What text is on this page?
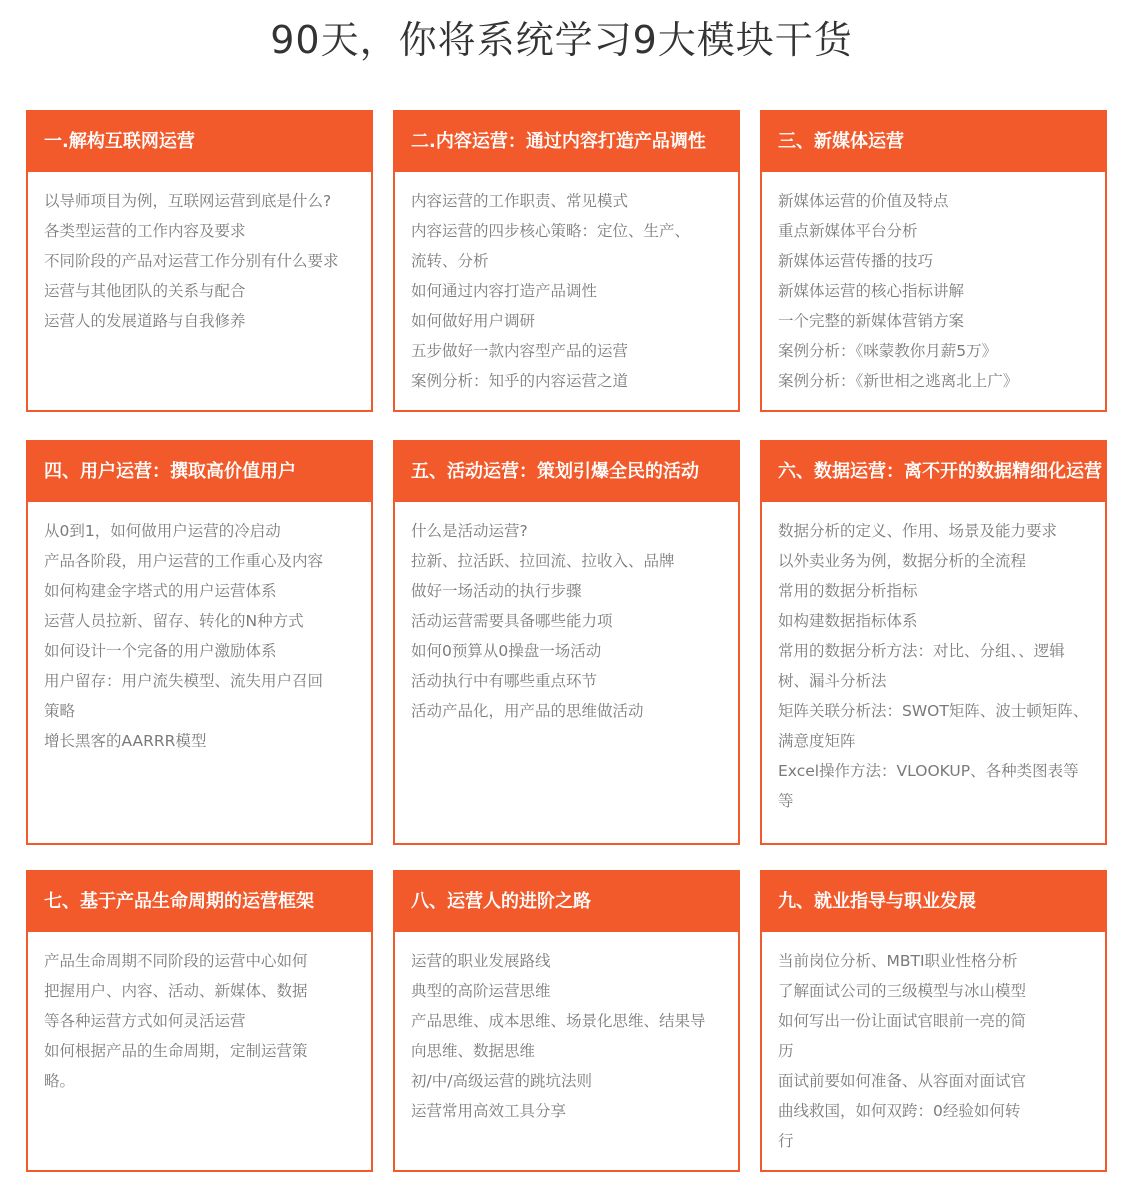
90天，你将系统学习9大模块干货
一.解构互联网运营
以导师项目为例，互联网运营到底是什么?
各类型运营的工作内容及要求
不同阶段的产品对运营工作分别有什么要求
运营与其他团队的关系与配合
运营人的发展道路与自我修养
二.内容运营：通过内容打造产品调性
内容运营的工作职责、常见模式
内容运营的四步核心策略：定位、生产、
流转、分析
如何通过内容打造产品调性
如何做好用户调研
五步做好一款内容型产品的运营
案例分析：知乎的内容运营之道
三、新媒体运营
新媒体运营的价值及特点
重点新媒体平台分析
新媒体运营传播的技巧
新媒体运营的核心指标讲解
一个完整的新媒体营销方案
案例分析：《咪蒙教你月薪5万》
案例分析：《新世相之逃离北上广》
四、用户运营：撰取高价值用户
从0到1，如何做用户运营的冷启动
产品各阶段，用户运营的工作重心及内容
如何构建金字塔式的用户运营体系
运营人员拉新、留存、转化的N种方式
如何设计一个完备的用户激励体系
用户留存：用户流失模型、流失用户召回
策略
增长黑客的AARRR模型
五、活动运营：策划引爆全民的活动
什么是活动运营?
拉新、拉活跃、拉回流、拉收入、品牌
做好一场活动的执行步骤
活动运营需要具备哪些能力项
如何0预算从0操盘一场活动
活动执行中有哪些重点环节
活动产品化，用产品的思维做活动
六、数据运营：离不开的数据精细化运营
数据分析的定义、作用、场景及能力要求
以外卖业务为例，数据分析的全流程
常用的数据分析指标
如构建数据指标体系
常用的数据分析方法：对比、分组、、逻辑
树、漏斗分析法
矩阵关联分析法：SWOT矩阵、波士顿矩阵、
满意度矩阵
Excel操作方法：VLOOKUP、各种类图表等
等
七、基于产品生命周期的运营框架
产品生命周期不同阶段的运营中心如何
把握用户、内容、活动、新媒体、数据
等各种运营方式如何灵活运营
如何根据产品的生命周期，定制运营策
略。
八、运营人的进阶之路
运营的职业发展路线
典型的高阶运营思维
产品思维、成本思维、场景化思维、结果导
向思维、数据思维
初/中/高级运营的跳坑法则
运营常用高效工具分享
九、就业指导与职业发展
当前岗位分析、MBTI职业性格分析
了解面试公司的三级模型与冰山模型
如何写出一份让面试官眼前一亮的简
历
面试前要如何准备、从容面对面试官
曲线救国，如何双跨：0经验如何转
行
